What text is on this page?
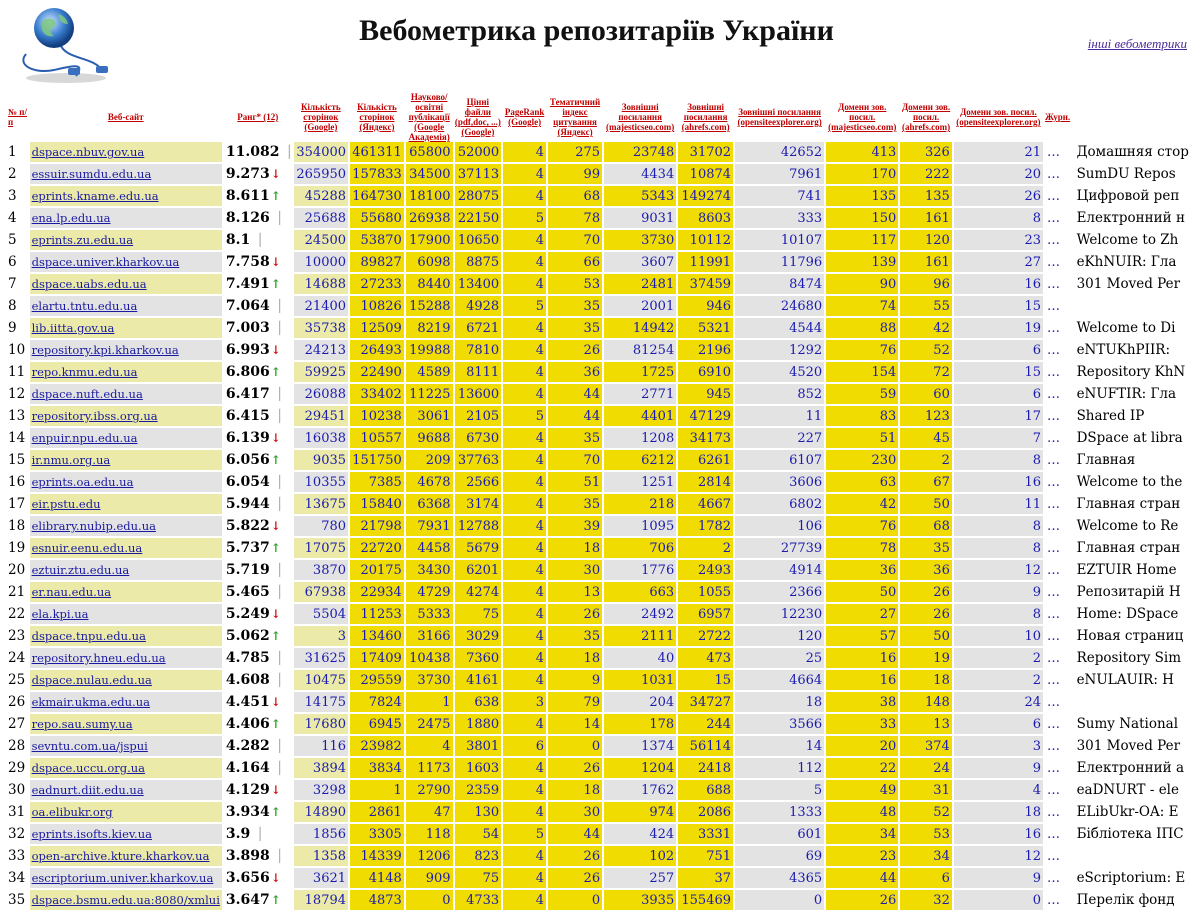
Вебометрика репозитаріїв України	інші вебометрики
№ п/п	Веб-сайт	Ранг* (12)	Кількість сторінок (Google)	Кількість сторінок (Яндекс)	Науково/ освітні публікації (Google Академія)	Цінні файли (pdf,doc, ...) (Google)	PageRank (Google)	Тематичний індекс цитування (Яндекс)	Зовнішні посилання (majesticseo.com)	Зовнішні посилання (ahrefs.com)	Зовнішні посилання (opensiteexplorer.org)	Домени зов. посил. (majesticseo.com)	Домени зов. посил. (ahrefs.com)	Домени зов. посил. (opensiteexplorer.org)	Журн.	
1	dspace.nbuv.gov.ua	11.082▕	354000	461311	65800	52000	4	275	23748	31702	42652	413	326	21	…	Домашняя стор
2	essuir.sumdu.edu.ua	9.273↓	265950	157833	34500	37113	4	99	4434	10874	7961	170	222	20	…	SumDU Repos
3	eprints.kname.edu.ua	8.611↑	45288	164730	18100	28075	4	68	5343	149274	741	135	135	26	…	Цифровой реп
4	ena.lp.edu.ua	8.126▕	25688	55680	26938	22150	5	78	9031	8603	333	150	161	8	…	Електронний н
5	eprints.zu.edu.ua	8.1▕	24500	53870	17900	10650	4	70	3730	10112	10107	117	120	23	…	Welcome to Zh
6	dspace.univer.kharkov.ua	7.758↓	10000	89827	6098	8875	4	66	3607	11991	11796	139	161	27	…	eKhNUIR: Гла
7	dspace.uabs.edu.ua	7.491↑	14688	27233	8440	13400	4	53	2481	37459	8474	90	96	16	…	301 Moved Per
8	elartu.tntu.edu.ua	7.064▕	21400	10826	15288	4928	5	35	2001	946	24680	74	55	15	…	
9	lib.iitta.gov.ua	7.003▕	35738	12509	8219	6721	4	35	14942	5321	4544	88	42	19	…	Welcome to Di
10	repository.kpi.kharkov.ua	6.993↓	24213	26493	19988	7810	4	26	81254	2196	1292	76	52	6	…	eNTUKhPIIR:
11	repo.knmu.edu.ua	6.806↑	59925	22490	4589	8111	4	36	1725	6910	4520	154	72	15	…	Repository KhN
12	dspace.nuft.edu.ua	6.417▕	26088	33402	11225	13600	4	44	2771	945	852	59	60	6	…	eNUFTIR: Гла
13	repository.ibss.org.ua	6.415▕	29451	10238	3061	2105	5	44	4401	47129	11	83	123	17	…	Shared IP
14	enpuir.npu.edu.ua	6.139↓	16038	10557	9688	6730	4	35	1208	34173	227	51	45	7	…	DSpace at libra
15	ir.nmu.org.ua	6.056↑	9035	151750	209	37763	4	70	6212	6261	6107	230	2	8	…	Главная
16	eprints.oa.edu.ua	6.054▕	10355	7385	4678	2566	4	51	1251	2814	3606	63	67	16	…	Welcome to the
17	eir.pstu.edu	5.944▕	13675	15840	6368	3174	4	35	218	4667	6802	42	50	11	…	Главная стран
18	elibrary.nubip.edu.ua	5.822↓	780	21798	7931	12788	4	39	1095	1782	106	76	68	8	…	Welcome to Re
19	esnuir.eenu.edu.ua	5.737↑	17075	22720	4458	5679	4	18	706	2	27739	78	35	8	…	Главная стран
20	eztuir.ztu.edu.ua	5.719▕	3870	20175	3430	6201	4	30	1776	2493	4914	36	36	12	…	EZTUIR Home
21	er.nau.edu.ua	5.465▕	67938	22934	4729	4274	4	13	663	1055	2366	50	26	9	…	Репозитарій Н
22	ela.kpi.ua	5.249↓	5504	11253	5333	75	4	26	2492	6957	12230	27	26	8	…	Home: DSpace
23	dspace.tnpu.edu.ua	5.062↑	3	13460	3166	3029	4	35	2111	2722	120	57	50	10	…	Новая страниц
24	repository.hneu.edu.ua	4.785▕	31625	17409	10438	7360	4	18	40	473	25	16	19	2	…	Repository Sim
25	dspace.nulau.edu.ua	4.608▕	10475	29559	3730	4161	4	9	1031	15	4664	16	18	2	…	eNULAUIR: H
26	ekmair.ukma.edu.ua	4.451↓	14175	7824	1	638	3	79	204	34727	18	38	148	24	…	
27	repo.sau.sumy.ua	4.406↑	17680	6945	2475	1880	4	14	178	244	3566	33	13	6	…	Sumy National
28	sevntu.com.ua/jspui	4.282▕	116	23982	4	3801	6	0	1374	56114	14	20	374	3	…	301 Moved Per
29	dspace.uccu.org.ua	4.164▕	3894	3834	1173	1603	4	26	1204	2418	112	22	24	9	…	Електронний а
30	eadnurt.diit.edu.ua	4.129↓	3298	1	2790	2359	4	18	1762	688	5	49	31	4	…	eaDNURT - ele
31	oa.elibukr.org	3.934↑	14890	2861	47	130	4	30	974	2086	1333	48	52	18	…	ELibUkr-OA: E
32	eprints.isofts.kiev.ua	3.9▕	1856	3305	118	54	5	44	424	3331	601	34	53	16	…	Бібліотека ІПС
33	open-archive.kture.kharkov.ua	3.898▕	1358	14339	1206	823	4	26	102	751	69	23	34	12	…	
34	escriptorium.univer.kharkov.ua	3.656↓	3621	4148	909	75	4	26	257	37	4365	44	6	9	…	eScriptorium: E
35	dspace.bsmu.edu.ua:8080/xmlui	3.647↑	18794	4873	0	4733	4	0	3935	155469	0	26	32	0	…	Перелік фонд
